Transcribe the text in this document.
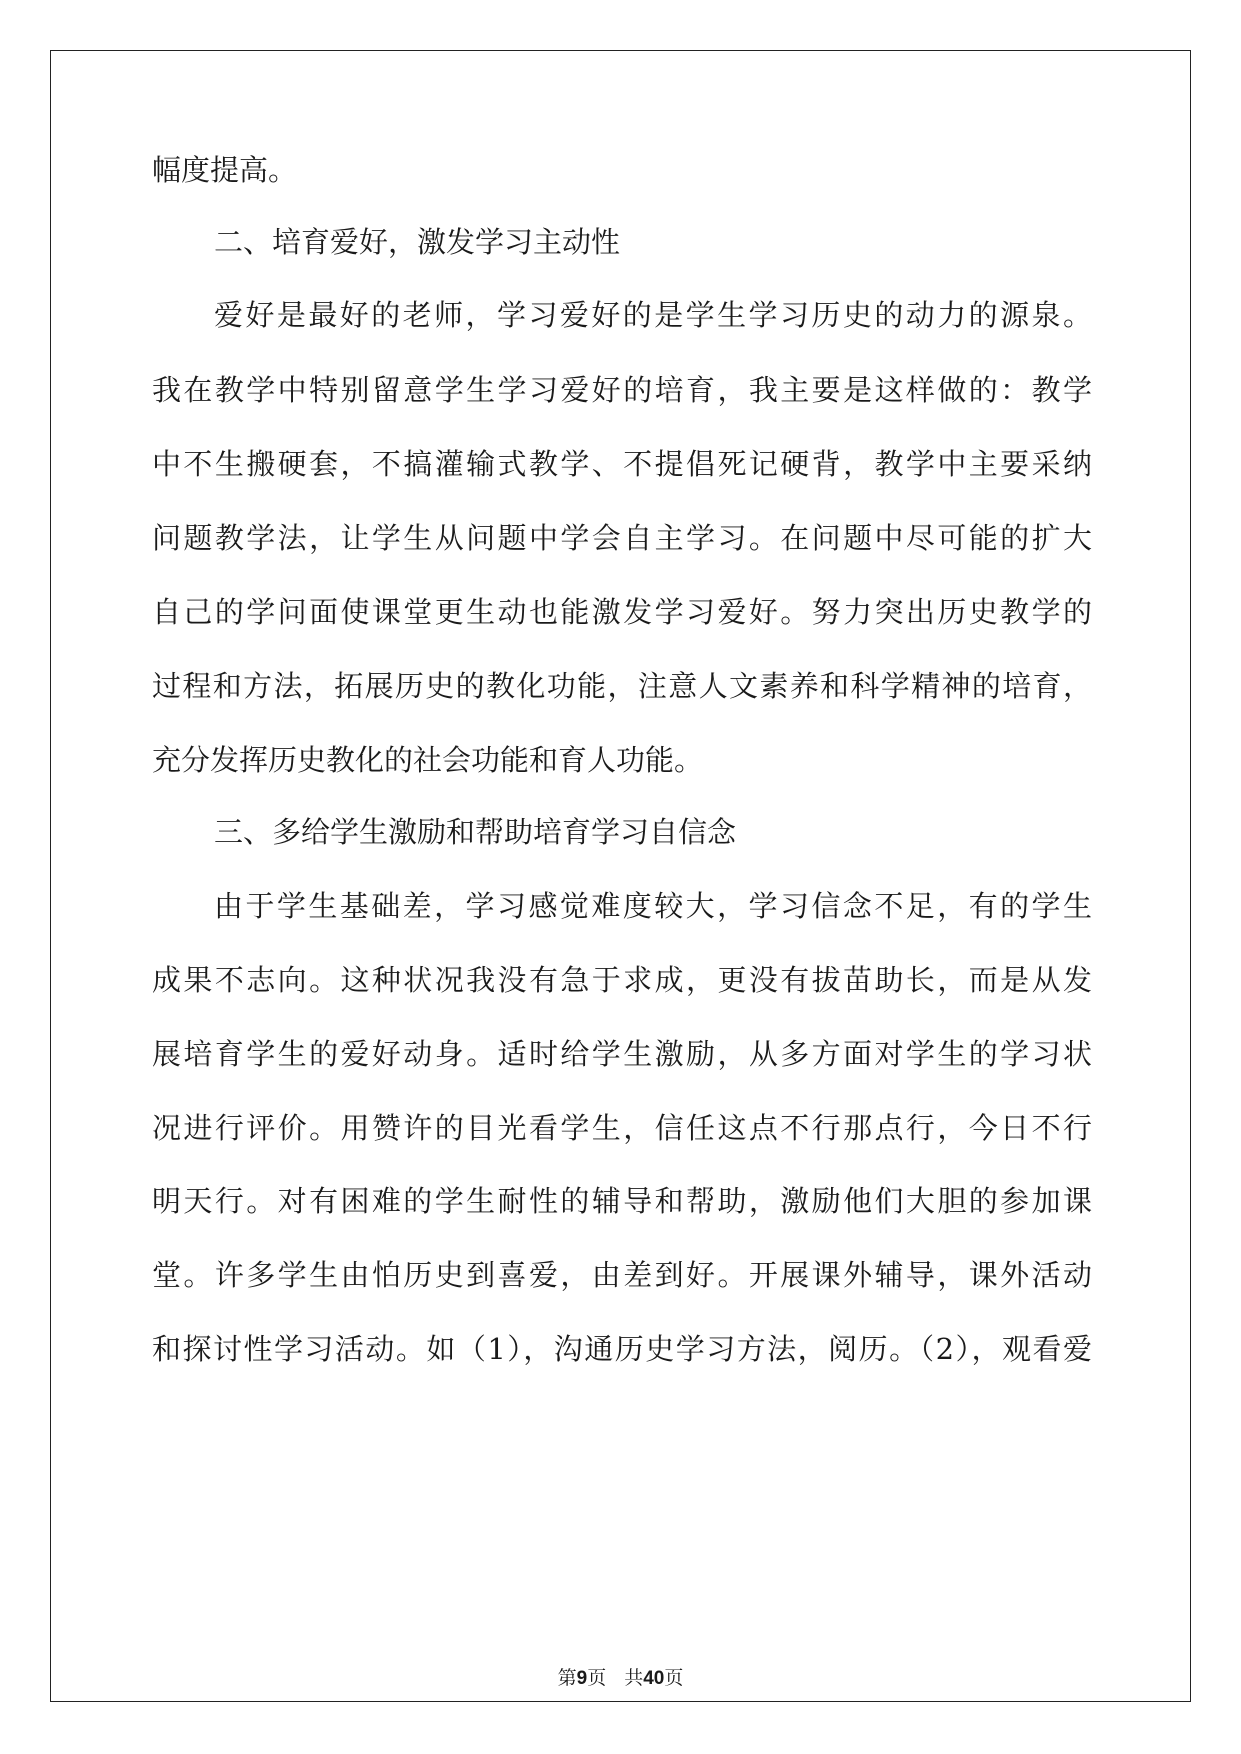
幅度提高。
二、培育爱好，激发学习主动性
爱好是最好的老师，学习爱好的是学生学习历史的动力的源泉。
我在教学中特别留意学生学习爱好的培育，我主要是这样做的：教学
中不生搬硬套，不搞灌输式教学、不提倡死记硬背，教学中主要采纳
问题教学法，让学生从问题中学会自主学习。在问题中尽可能的扩大
自己的学问面使课堂更生动也能激发学习爱好。努力突出历史教学的
过程和方法，拓展历史的教化功能，注意人文素养和科学精神的培育，
充分发挥历史教化的社会功能和育人功能。
三、多给学生激励和帮助培育学习自信念
由于学生基础差，学习感觉难度较大，学习信念不足，有的学生
成果不志向。这种状况我没有急于求成，更没有拔苗助长，而是从发
展培育学生的爱好动身。适时给学生激励，从多方面对学生的学习状
况进行评价。用赞许的目光看学生，信任这点不行那点行，今日不行
明天行。对有困难的学生耐性的辅导和帮助，激励他们大胆的参加课
堂。许多学生由怕历史到喜爱，由差到好。开展课外辅导，课外活动
和探讨性学习活动。如（1），沟通历史学习方法，阅历。（2），观看爱
第9页 共40页
